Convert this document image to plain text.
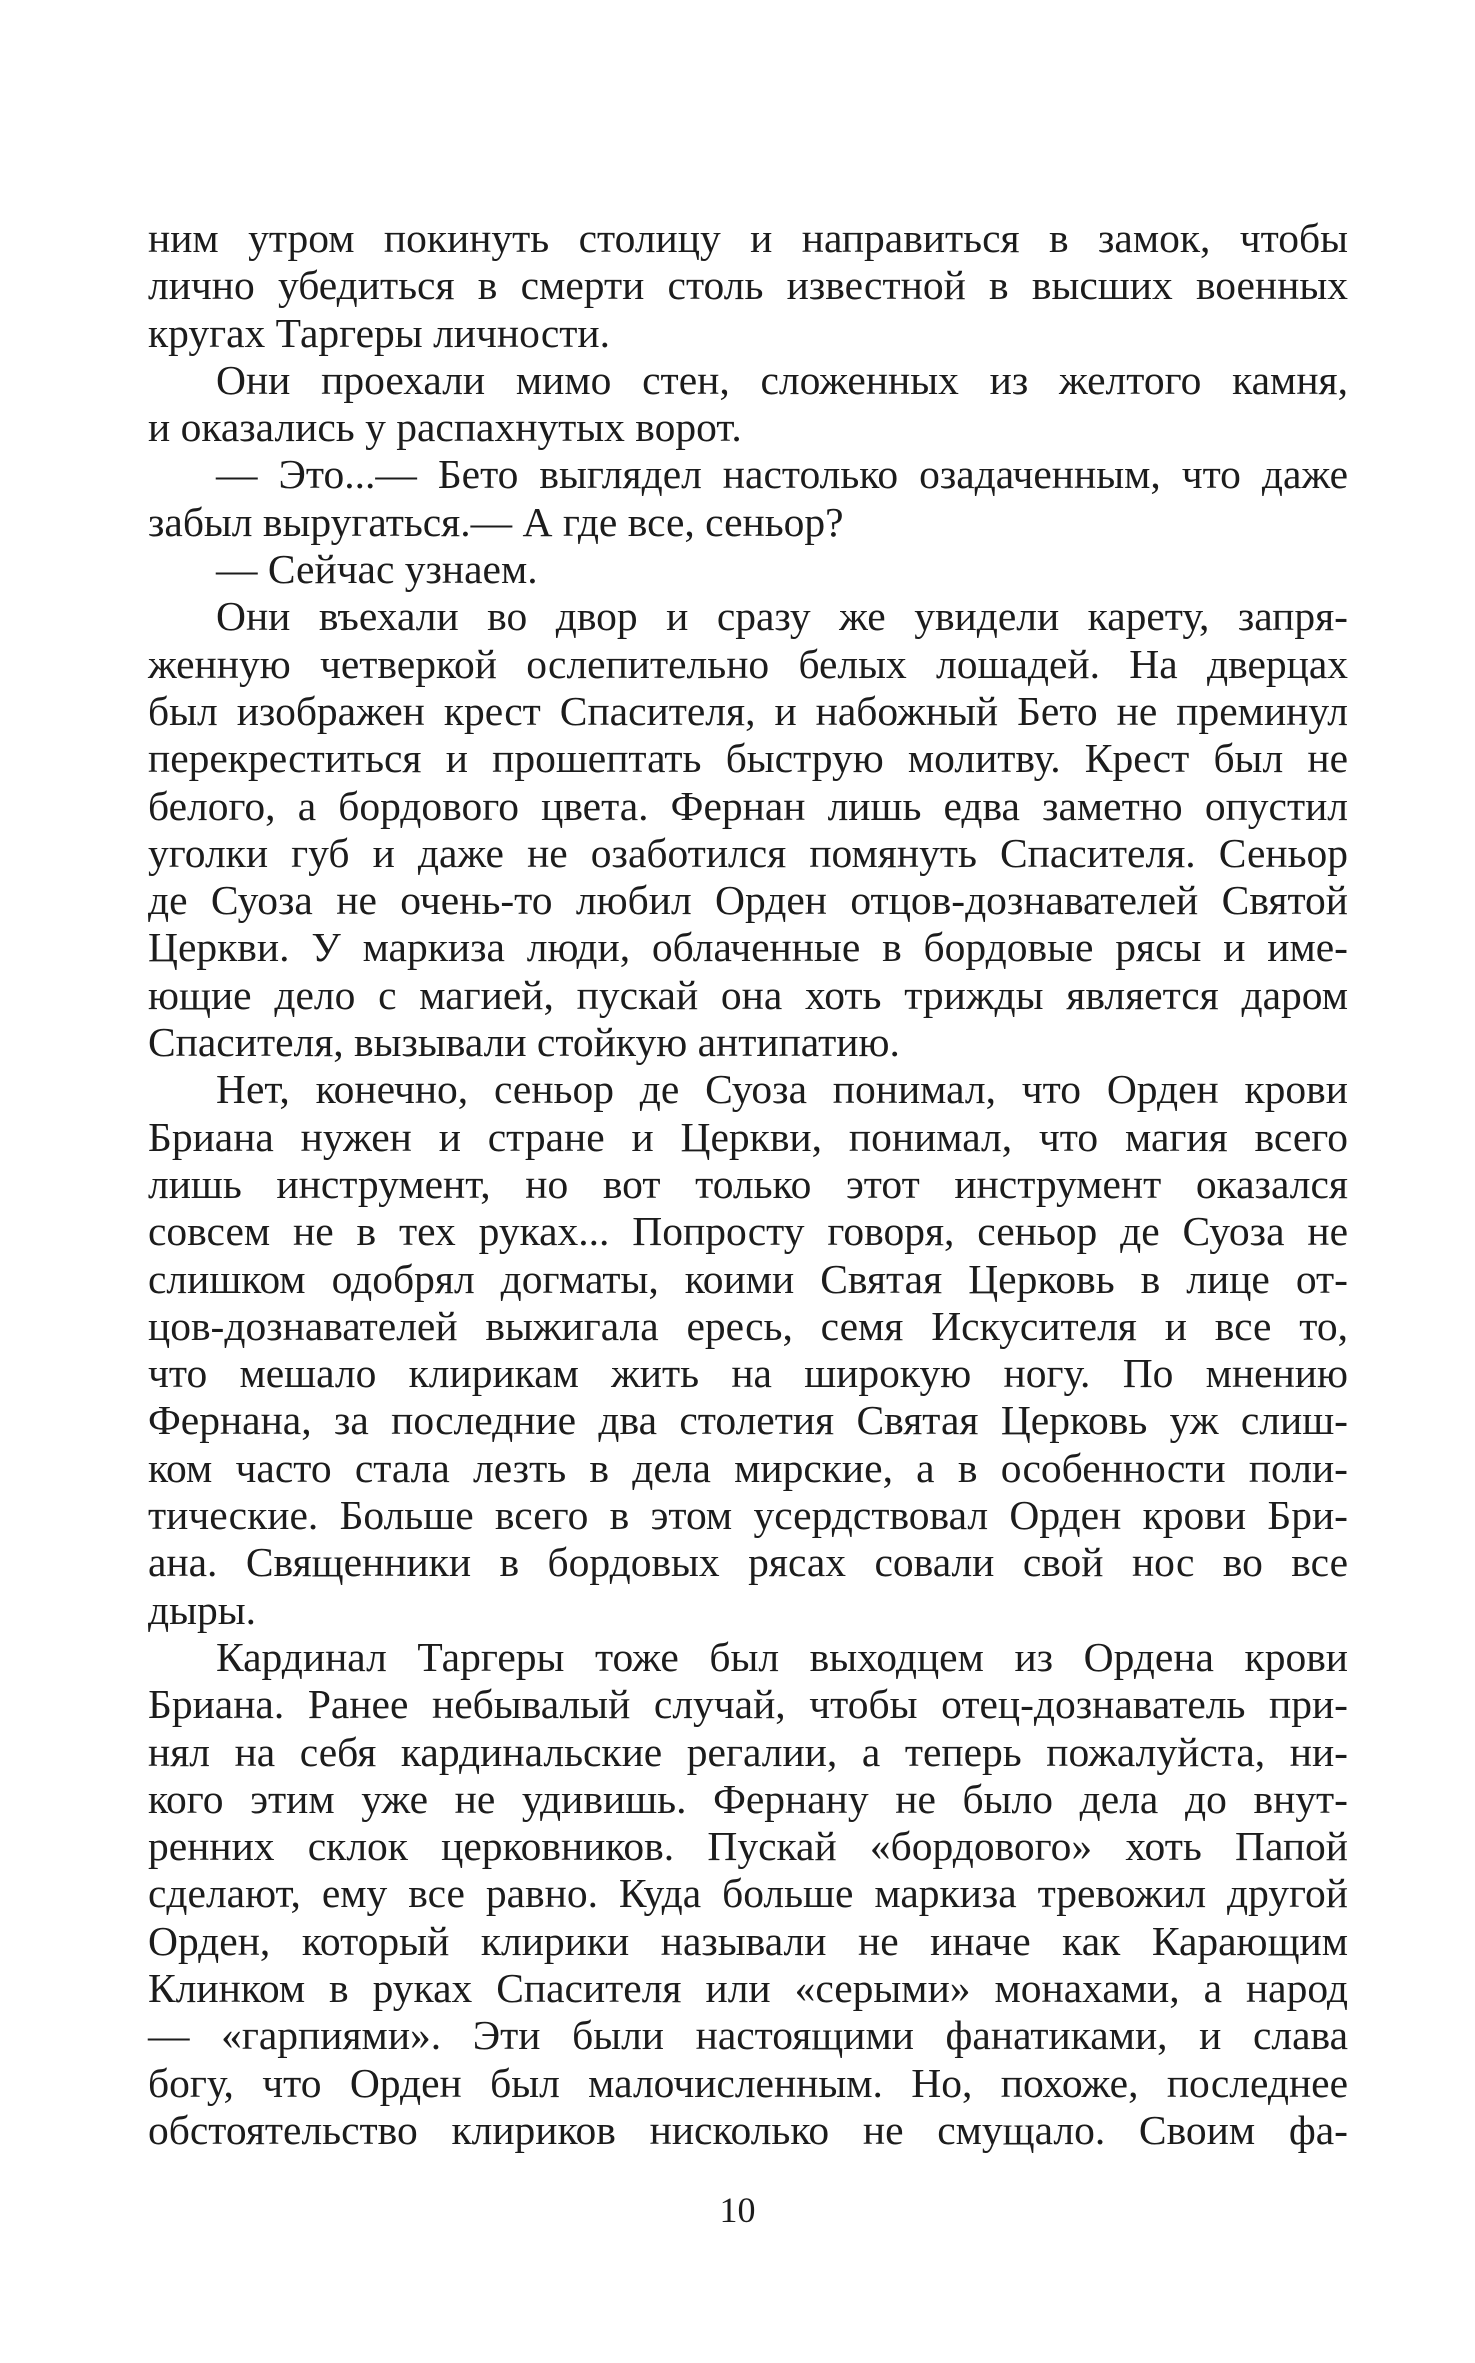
ним утром покинуть столицу и направиться в замок, чтобы
лично убедиться в смерти столь известной в высших военных
кругах Таргеры личности.
Они проехали мимо стен, сложенных из желтого камня,
и оказались у распахнутых ворот.
— Это...— Бето выглядел настолько озадаченным, что даже
забыл выругаться.— А где все, сеньор?
— Сейчас узнаем.
Они въехали во двор и сразу же увидели карету, запря-
женную четверкой ослепительно белых лошадей. На дверцах
был изображен крест Спасителя, и набожный Бето не преминул
перекреститься и прошептать быструю молитву. Крест был не
белого, а бордового цвета. Фернан лишь едва заметно опустил
уголки губ и даже не озаботился помянуть Спасителя. Сеньор
де Суоза не очень-то любил Орден отцов-дознавателей Святой
Церкви. У маркиза люди, облаченные в бордовые рясы и име-
ющие дело с магией, пускай она хоть трижды является даром
Спасителя, вызывали стойкую антипатию.
Нет, конечно, сеньор де Суоза понимал, что Орден крови
Бриана нужен и стране и Церкви, понимал, что магия всего
лишь инструмент, но вот только этот инструмент оказался
совсем не в тех руках... Попросту говоря, сеньор де Суоза не
слишком одобрял догматы, коими Святая Церковь в лице от-
цов-дознавателей выжигала ересь, семя Искусителя и все то,
что мешало клирикам жить на широкую ногу. По мнению
Фернана, за последние два столетия Святая Церковь уж слиш-
ком часто стала лезть в дела мирские, а в особенности поли-
тические. Больше всего в этом усердствовал Орден крови Бри-
ана. Священники в бордовых рясах совали свой нос во все
дыры.
Кардинал Таргеры тоже был выходцем из Ордена крови
Бриана. Ранее небывалый случай, чтобы отец-дознаватель при-
нял на себя кардинальские регалии, а теперь пожалуйста, ни-
кого этим уже не удивишь. Фернану не было дела до внут-
ренних склок церковников. Пускай «бордового» хоть Папой
сделают, ему все равно. Куда больше маркиза тревожил другой
Орден, который клирики называли не иначе как Карающим
Клинком в руках Спасителя или «серыми» монахами, а народ
— «гарпиями». Эти были настоящими фанатиками, и слава
богу, что Орден был малочисленным. Но, похоже, последнее
обстоятельство клириков нисколько не смущало. Своим фа-
10
